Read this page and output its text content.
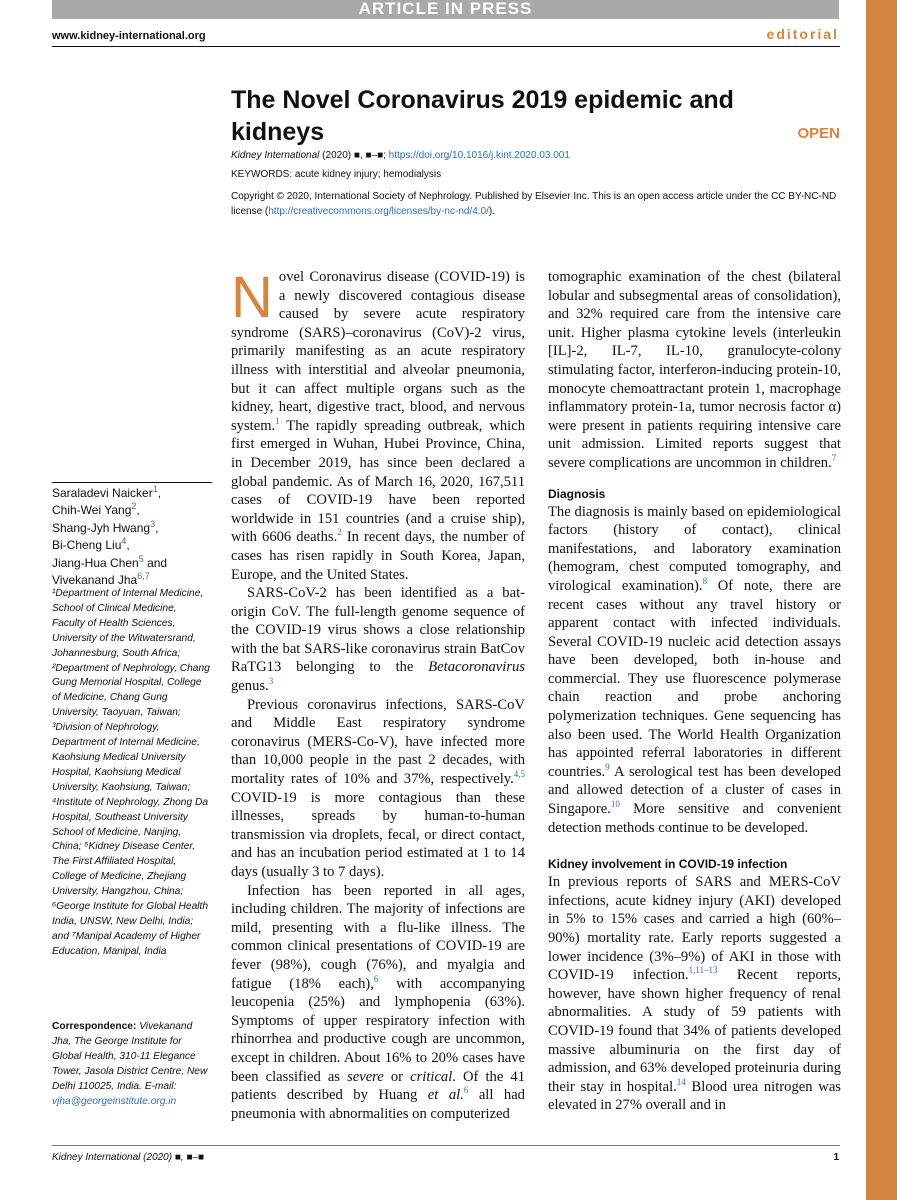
ARTICLE IN PRESS
www.kidney-international.org	editorial
The Novel Coronavirus 2019 epidemic and kidneys	OPEN
Kidney International (2020) ■, ■–■; https://doi.org/10.1016/j.kint.2020.03.001
KEYWORDS: acute kidney injury; hemodialysis
Copyright © 2020, International Society of Nephrology. Published by Elsevier Inc. This is an open access article under the CC BY-NC-ND license (http://creativecommons.org/licenses/by-nc-nd/4.0/).
Saraladevi Naicker$^1$,
Chih-Wei Yang$^2$,
Shang-Jyh Hwang$^3$,
Bi-Cheng Liu$^4$,
Jiang-Hua Chen$^5$ and
Vivekanand Jha$^{6,7}$
¹Department of Internal Medicine, School of Clinical Medicine, Faculty of Health Sciences, University of the Witwatersrand, Johannesburg, South Africa; ²Department of Nephrology, Chang Gung Memorial Hospital, College of Medicine, Chang Gung University, Taoyuan, Taiwan; ³Division of Nephrology, Department of Internal Medicine, Kaohsiung Medical University Hospital, Kaohsiung Medical University, Kaohsiung, Taiwan; ⁴Institute of Nephrology, Zhong Da Hospital, Southeast University School of Medicine, Nanjing, China; ⁵Kidney Disease Center, The First Affiliated Hospital, College of Medicine, Zhejiang University, Hangzhou, China; ⁶George Institute for Global Health India, UNSW, New Delhi, India; and ⁷Manipal Academy of Higher Education, Manipal, India
Correspondence: Vivekanand Jha, The George Institute for Global Health, 310-11 Elegance Tower, Jasola District Centre, New Delhi 110025, India. E-mail: vjha@georgeinstitute.org.in

Novel Coronavirus disease (COVID-19) is a newly discovered contagious disease caused by severe acute respiratory syndrome (SARS)–coronavirus (CoV)-2 virus, primarily manifesting as an acute respiratory illness with interstitial and alveolar pneumonia, but it can affect multiple organs such as the kidney, heart, digestive tract, blood, and nervous system.$^1$ The rapidly spreading outbreak, which first emerged in Wuhan, Hubei Province, China, in December 2019, has since been declared a global pandemic. As of March 16, 2020, 167,511 cases of COVID-19 have been reported worldwide in 151 countries (and a cruise ship), with 6606 deaths.$^2$ In recent days, the number of cases has risen rapidly in South Korea, Japan, Europe, and the United States.

SARS-CoV-2 has been identified as a bat-origin CoV. The full-length genome sequence of the COVID-19 virus shows a close relationship with the bat SARS-like coronavirus strain BatCov RaTG13 belonging to the Betacoronavirus genus.$^3$

Previous coronavirus infections, SARS-CoV and Middle East respiratory syndrome coronavirus (MERS-Co-V), have infected more than 10,000 people in the past 2 decades, with mortality rates of 10% and 37%, respectively.$^{4,5}$ COVID-19 is more contagious than these illnesses, spreads by human-to-human transmission via droplets, fecal, or direct contact, and has an incubation period estimated at 1 to 14 days (usually 3 to 7 days).

Infection has been reported in all ages, including children. The majority of infections are mild, presenting with a flu-like illness. The common clinical presentations of COVID-19 are fever (98%), cough (76%), and myalgia and fatigue (18% each),$^6$ with accompanying leucopenia (25%) and lymphopenia (63%). Symptoms of upper respiratory infection with rhinorrhea and productive cough are uncommon, except in children. About 16% to 20% cases have been classified as severe or critical. Of the 41 patients described by Huang et al.$^6$ all had pneumonia with abnormalities on computerized

tomographic examination of the chest (bilateral lobular and subsegmental areas of consolidation), and 32% required care from the intensive care unit. Higher plasma cytokine levels (interleukin [IL]-2, IL-7, IL-10, granulocyte-colony stimulating factor, interferon-inducing protein-10, monocyte chemoattractant protein 1, macrophage inflammatory protein-1a, tumor necrosis factor α) were present in patients requiring intensive care unit admission. Limited reports suggest that severe complications are uncommon in children.$^7$

Diagnosis

The diagnosis is mainly based on epidemiological factors (history of contact), clinical manifestations, and laboratory examination (hemogram, chest computed tomography, and virological examination).$^8$ Of note, there are recent cases without any travel history or apparent contact with infected individuals. Several COVID-19 nucleic acid detection assays have been developed, both in-house and commercial. They use fluorescence polymerase chain reaction and probe anchoring polymerization techniques. Gene sequencing has also been used. The World Health Organization has appointed referral laboratories in different countries.$^9$ A serological test has been developed and allowed detection of a cluster of cases in Singapore.$^{10}$ More sensitive and convenient detection methods continue to be developed.

Kidney involvement in COVID-19 infection

In previous reports of SARS and MERS-CoV infections, acute kidney injury (AKI) developed in 5% to 15% cases and carried a high (60%–90%) mortality rate. Early reports suggested a lower incidence (3%–9%) of AKI in those with COVID-19 infection.$^{1,11-13}$ Recent reports, however, have shown higher frequency of renal abnormalities. A study of 59 patients with COVID-19 found that 34% of patients developed massive albuminuria on the first day of admission, and 63% developed proteinuria during their stay in hospital.$^{14}$ Blood urea nitrogen was elevated in 27% overall and in

Kidney International (2020) ■, ■–■	1
